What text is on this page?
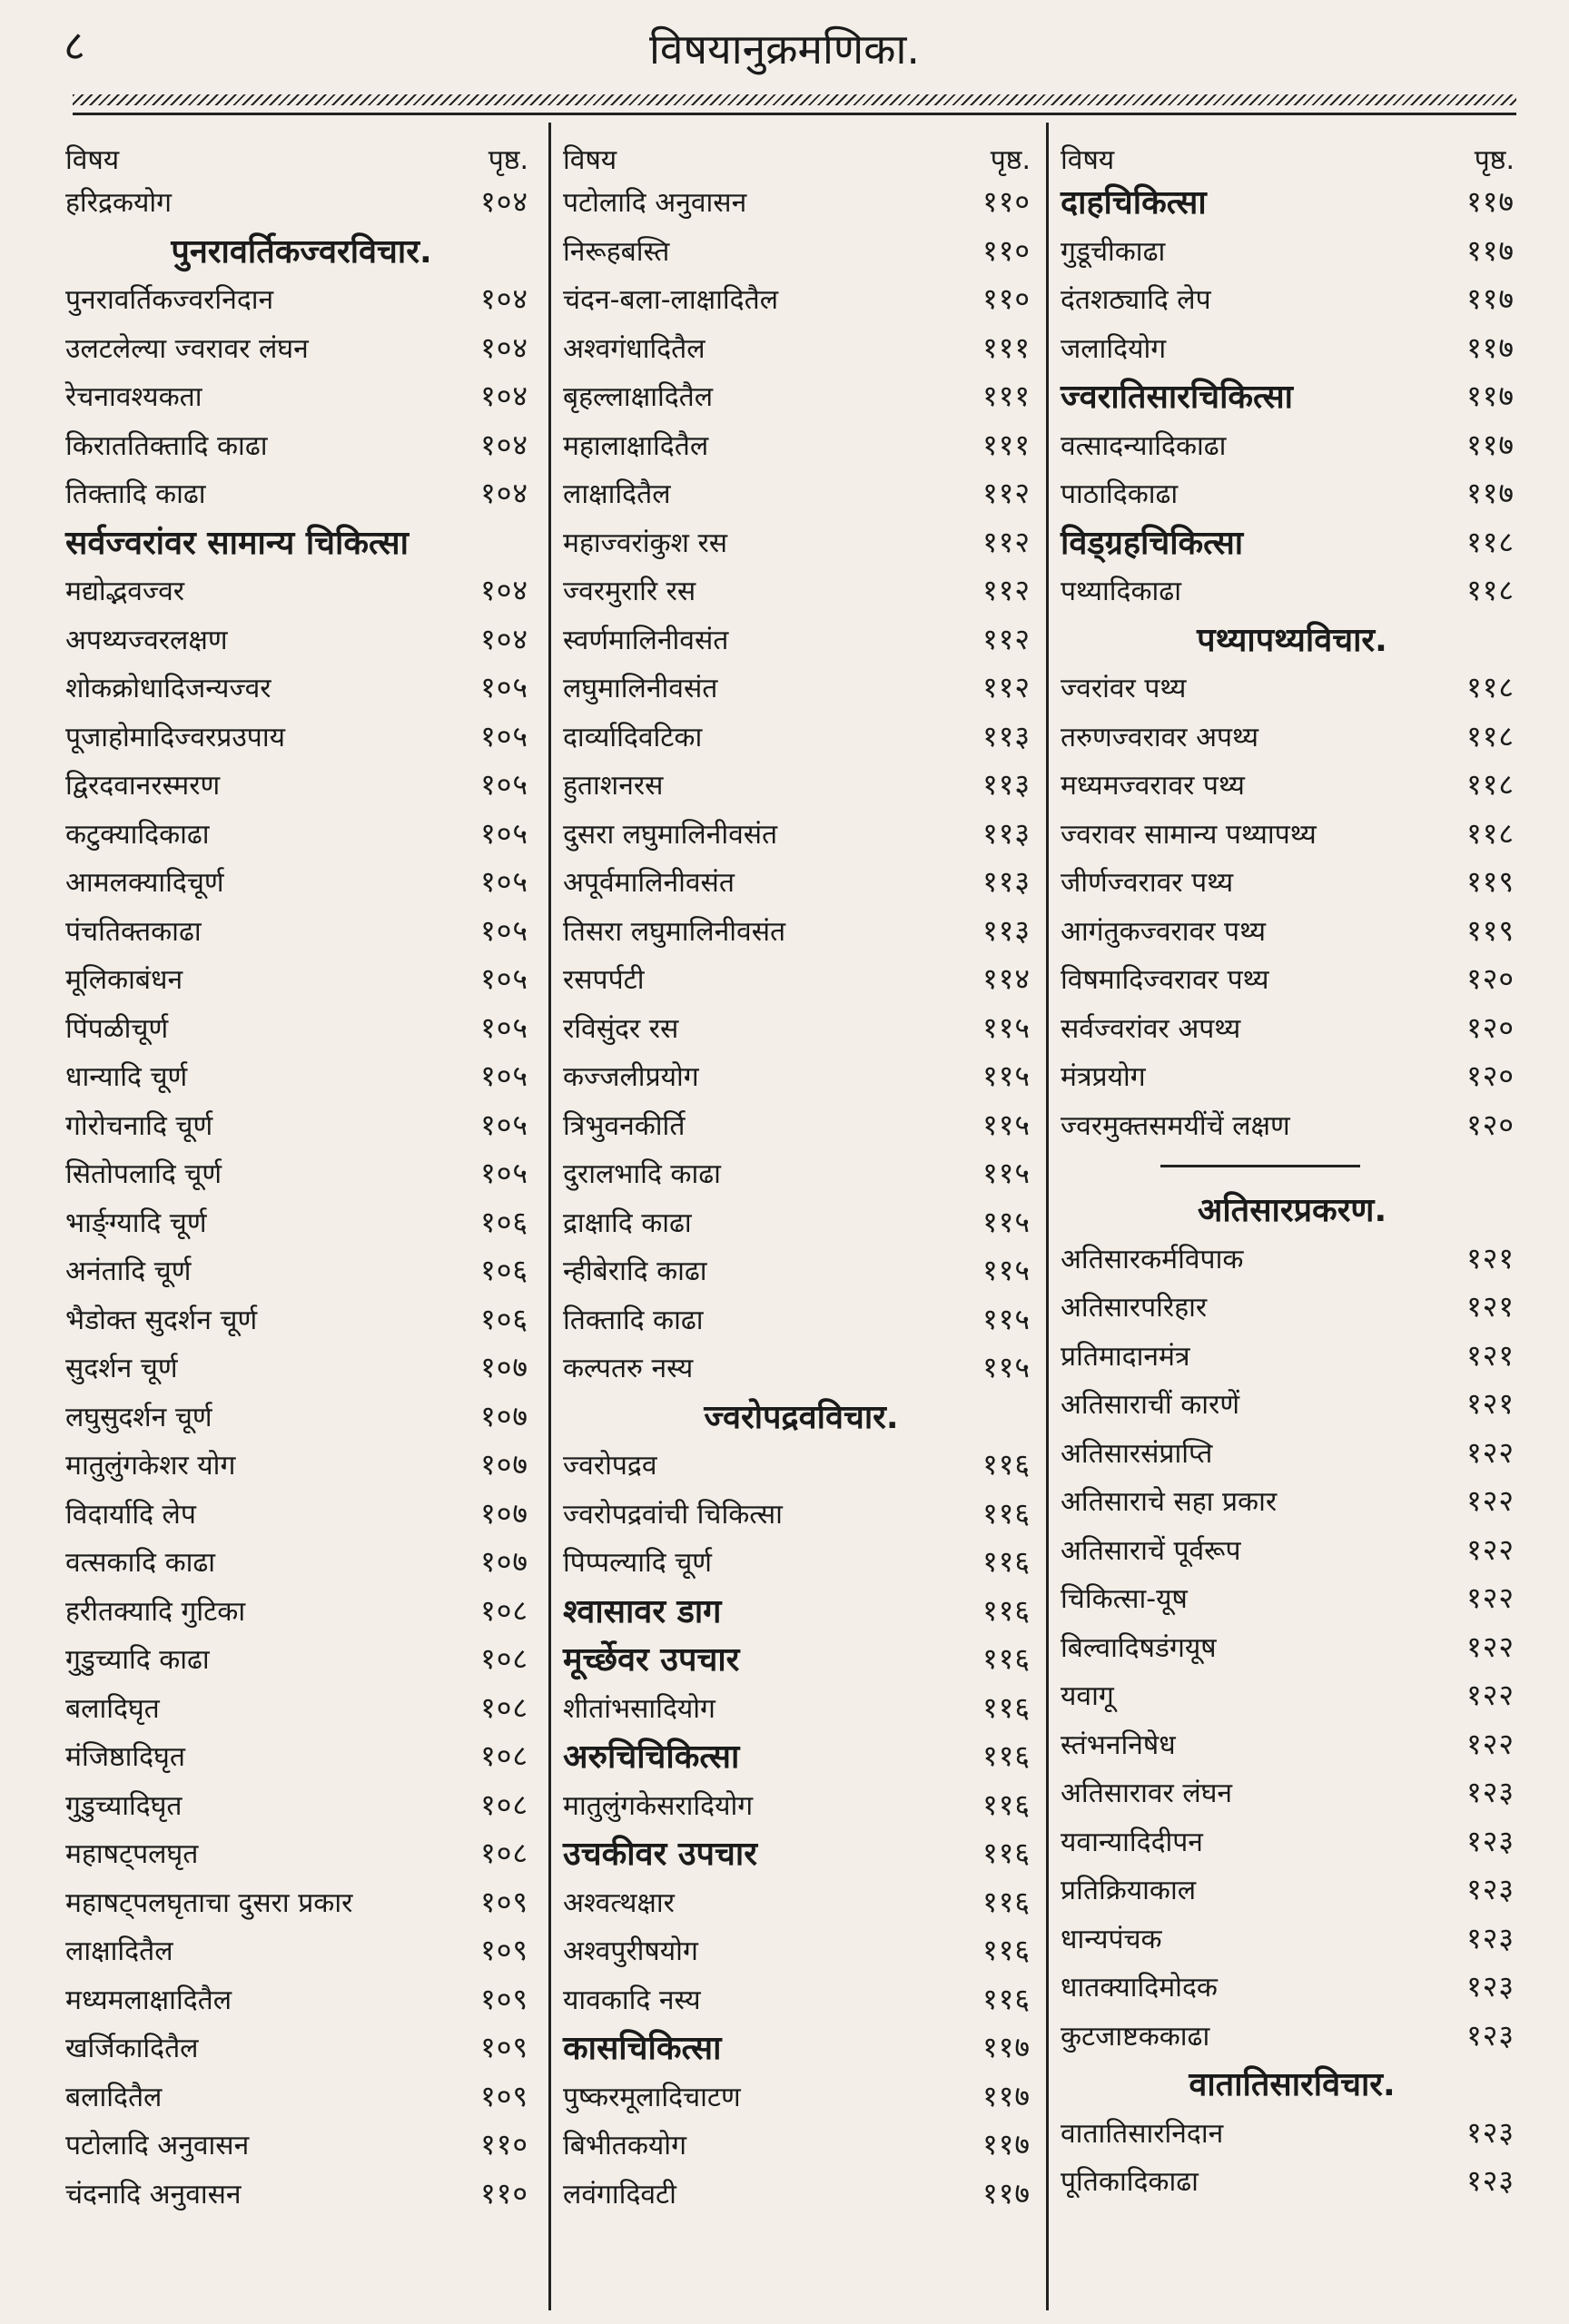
८	विषयानुक्रमणिका.
विषय	पृष्ठ.
हरिद्रकयोग	१०४
पुनरावर्तिकज्वरविचार.
पुनरावर्तिकज्वरनिदान	१०४
उलटलेल्या ज्वरावर लंघन	१०४
रेचनावश्यकता	१०४
किराततिक्तादि काढा	१०४
तिक्तादि काढा	१०४
सर्वज्वरांवर सामान्य चिकित्सा
मद्योद्भवज्वर	१०४
अपथ्यज्वरलक्षण	१०४
शोकक्रोधादिजन्यज्वर	१०५
पूजाहोमादिज्वरप्रउपाय	१०५
द्विरदवानरस्मरण	१०५
कटुक्यादिकाढा	१०५
आमलक्यादिचूर्ण	१०५
पंचतिक्तकाढा	१०५
मूलिकाबंधन	१०५
पिंपळीचूर्ण	१०५
धान्यादि चूर्ण	१०५
गोरोचनादि चूर्ण	१०५
सितोपलादि चूर्ण	१०५
भार्ङ्ग्यादि चूर्ण	१०६
अनंतादि चूर्ण	१०६
भैडोक्त सुदर्शन चूर्ण	१०६
सुदर्शन चूर्ण	१०७
लघुसुदर्शन चूर्ण	१०७
मातुलुंगकेशर योग	१०७
विदार्यादि लेप	१०७
वत्सकादि काढा	१०७
हरीतक्यादि गुटिका	१०८
गुडुच्यादि काढा	१०८
बलादिघृत	१०८
मंजिष्ठादिघृत	१०८
गुडुच्यादिघृत	१०८
महाषट्पलघृत	१०८
महाषट्पलघृताचा दुसरा प्रकार	१०९
लाक्षादितैल	१०९
मध्यमलाक्षादितैल	१०९
खर्जिकादितैल	१०९
बलादितैल	१०९
पटोलादि अनुवासन	११०
चंदनादि अनुवासन	११०
विषय	पृष्ठ.
पटोलादि अनुवासन	११०
निरूहबस्ति	११०
चंदन-बला-लाक्षादितैल	११०
अश्वगंधादितैल	१११
बृहल्लाक्षादितैल	१११
महालाक्षादितैल	१११
लाक्षादितैल	११२
महाज्वरांकुश रस	११२
ज्वरमुरारि रस	११२
स्वर्णमालिनीवसंत	११२
लघुमालिनीवसंत	११२
दार्व्यादिवटिका	११३
हुताशनरस	११३
दुसरा लघुमालिनीवसंत	११३
अपूर्वमालिनीवसंत	११३
तिसरा लघुमालिनीवसंत	११३
रसपर्पटी	११४
रविसुंदर रस	११५
कज्जलीप्रयोग	११५
त्रिभुवनकीर्ति	११५
दुरालभादि काढा	११५
द्राक्षादि काढा	११५
न्हीबेरादि काढा	११५
तिक्तादि काढा	११५
कल्पतरु नस्य	११५
ज्वरोपद्रवविचार.
ज्वरोपद्रव	११६
ज्वरोपद्रवांची चिकित्सा	११६
पिप्पल्यादि चूर्ण	११६
श्वासावर डाग	११६
मूर्च्छेवर उपचार	११६
शीतांभसादियोग	११६
अरुचिचिकित्सा	११६
मातुलुंगकेसरादियोग	११६
उचकीवर उपचार	११६
अश्वत्थक्षार	११६
अश्वपुरीषयोग	११६
यावकादि नस्य	११६
कासचिकित्सा	११७
पुष्करमूलादिचाटण	११७
बिभीतकयोग	११७
लवंगादिवटी	११७
विषय	पृष्ठ.
दाहचिकित्सा	११७
गुडूचीकाढा	११७
दंतशठ्यादि लेप	११७
जलादियोग	११७
ज्वरातिसारचिकित्सा	११७
वत्सादन्यादिकाढा	११७
पाठादिकाढा	११७
विड्ग्रहचिकित्सा	११८
पथ्यादिकाढा	११८
पथ्यापथ्यविचार.
ज्वरांवर पथ्य	११८
तरुणज्वरावर अपथ्य	११८
मध्यमज्वरावर पथ्य	११८
ज्वरावर सामान्य पथ्यापथ्य	११८
जीर्णज्वरावर पथ्य	११९
आगंतुकज्वरावर पथ्य	११९
विषमादिज्वरावर पथ्य	१२०
सर्वज्वरांवर अपथ्य	१२०
मंत्रप्रयोग	१२०
ज्वरमुक्तसमयींचें लक्षण	१२०
अतिसारप्रकरण.
अतिसारकर्मविपाक	१२१
अतिसारपरिहार	१२१
प्रतिमादानमंत्र	१२१
अतिसाराचीं कारणें	१२१
अतिसारसंप्राप्ति	१२२
अतिसाराचे सहा प्रकार	१२२
अतिसाराचें पूर्वरूप	१२२
चिकित्सा-यूष	१२२
बिल्वादिषडंगयूष	१२२
यवागू	१२२
स्तंभननिषेध	१२२
अतिसारावर लंघन	१२३
यवान्यादिदीपन	१२३
प्रतिक्रियाकाल	१२३
धान्यपंचक	१२३
धातक्यादिमोदक	१२३
कुटजाष्टककाढा	१२३
वातातिसारविचार.
वातातिसारनिदान	१२३
पूतिकादिकाढा	१२३
